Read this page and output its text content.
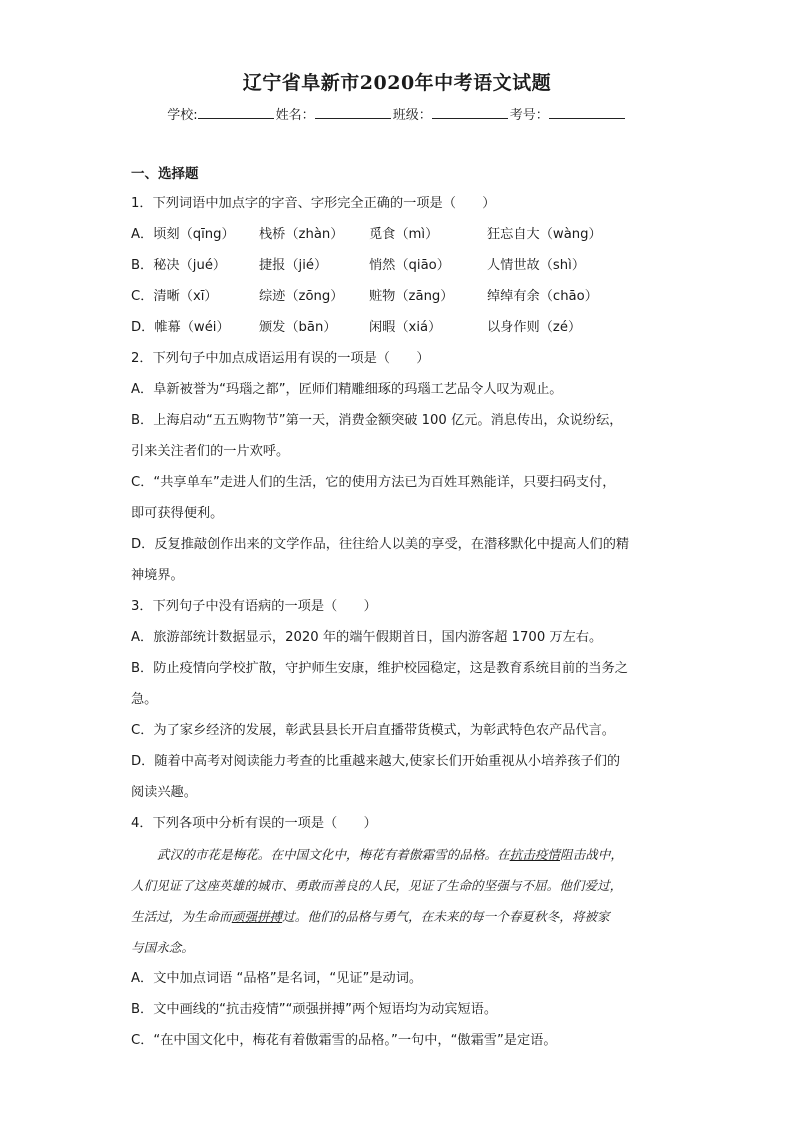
辽宁省阜新市2020年中考语文试题
学校:	姓名：	班级：	考号：
一、选择题
1．下列词语中加点字的字音、字形完全正确的一项是（　　）
A．顷刻（qīng） 栈桥（zhàn） 觅食（mì）	狂忘自大（wàng）
B．秘决（jué） 捷报（jié）	悄然（qiāo）	人情世故（shì）
C．清晰（xī）	综迹（zōng） 赃物（zāng）	绰绰有余（chāo）
D．帷幕（wéi） 颁发（bān） 闲暇（xiá）	以身作则（zé）
2．下列句子中加点成语运用有误的一项是（　　）
A．阜新被誉为“玛瑙之都”，匠师们精雕细琢的玛瑙工艺品令人叹为观止。
B．上海启动“五五购物节”第一天，消费金额突破 100 亿元。消息传出，众说纷纭，
引来关注者们的一片欢呼。
C．“共享单车”走进人们的生活，它的使用方法已为百姓耳熟能详，只要扫码支付，
即可获得便利。
D．反复推敲创作出来的文学作品，往往给人以美的享受，在潜移默化中提高人们的精
神境界。
3．下列句子中没有语病的一项是（　　）
A．旅游部统计数据显示，2020 年的端午假期首日，国内游客超 1700 万左右。
B．防止疫情向学校扩散，守护师生安康，维护校园稳定，这是教育系统目前的当务之
急。
C．为了家乡经济的发展，彰武县县长开启直播带货模式，为彰武特色农产品代言。
D．随着中高考对阅读能力考查的比重越来越大,使家长们开始重视从小培养孩子们的
阅读兴趣。
4．下列各项中分析有误的一项是（　　）
武汉的市花是梅花。在中国文化中，梅花有着傲霜雪的品格。在抗击疫情阻击战中，
人们见证了这座英雄的城市、勇敢而善良的人民，见证了生命的坚强与不屈。他们爱过，
生活过，为生命而顽强拼搏过。他们的品格与勇气，在未来的每一个春夏秋冬，将被家
与国永念。
A．文中加点词语 “品格”是名词，“见证”是动词。
B．文中画线的“抗击疫情”“顽强拼搏”两个短语均为动宾短语。
C．“在中国文化中，梅花有着傲霜雪的品格。”一句中，“傲霜雪”是定语。
